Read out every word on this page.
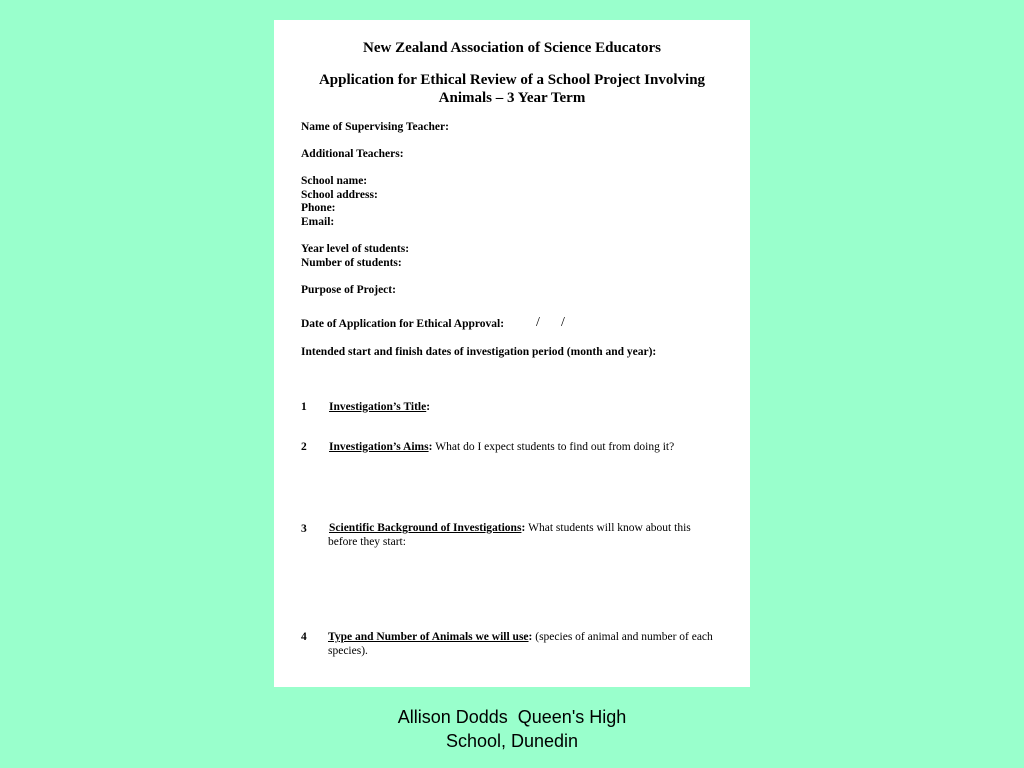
New Zealand Association of Science Educators
Application for Ethical Review of a School Project Involving
Animals – 3 Year Term
Name of Supervising Teacher:
Additional Teachers:
School name:
School address:
Phone:
Email:
Year level of students:
Number of students:
Purpose of Project:
Date of Application for Ethical Approval: / /
Intended start and finish dates of investigation period (month and year):
1 Investigation’s Title:
2 Investigation’s Aims: What do I expect students to find out from doing it?
3 Scientific Background of Investigations: What students will know about this
before they start:
4 Type and Number of Animals we will use: (species of animal and number of each
species).
Allison Dodds  Queen's High
School, Dunedin
